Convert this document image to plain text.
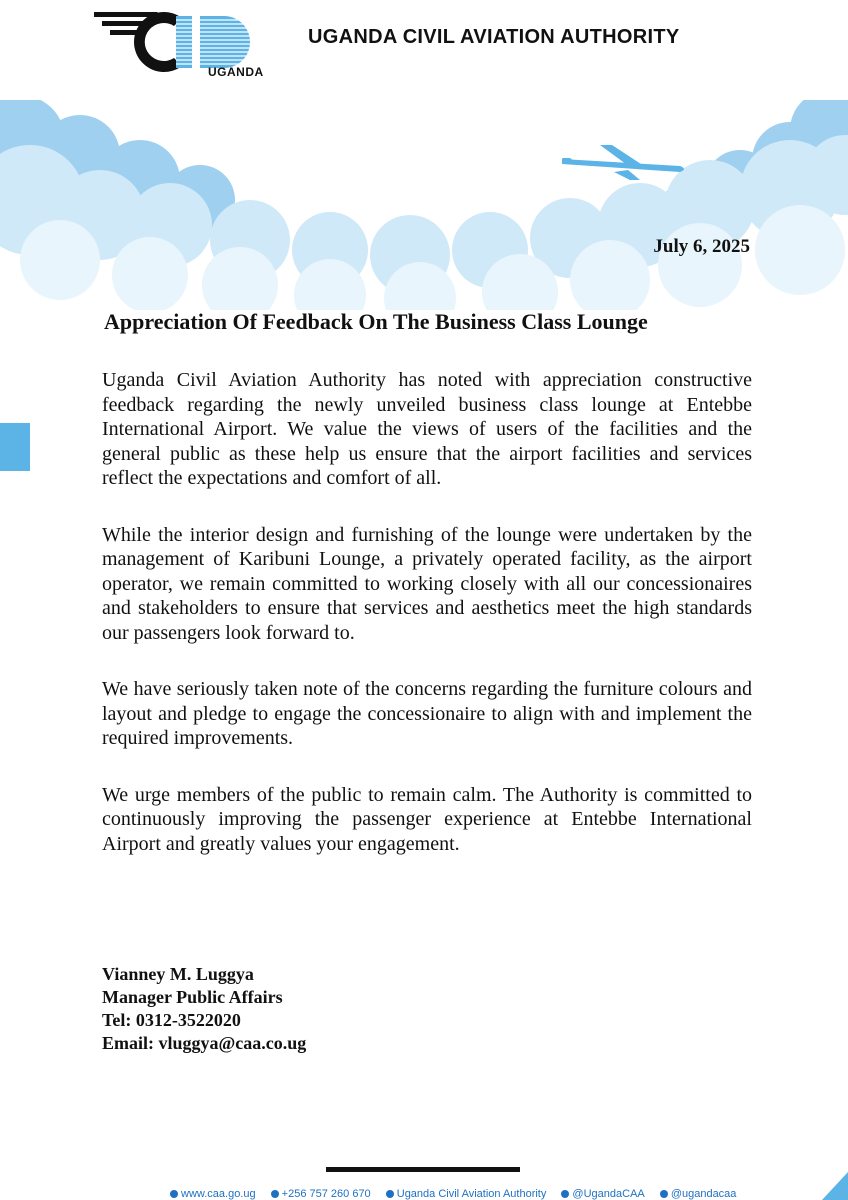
UGANDA
UGANDA CIVIL AVIATION AUTHORITY
July 6, 2025
Appreciation Of Feedback On The Business Class Lounge

Uganda Civil Aviation Authority has noted with appreciation constructive feedback regarding the newly unveiled business class lounge at Entebbe International Airport. We value the views of users of the facilities and the general public as these help us ensure that the airport facilities and services reflect the expectations and comfort of all.

While the interior design and furnishing of the lounge were undertaken by the management of Karibuni Lounge, a privately operated facility, as the airport operator, we remain committed to working closely with all our concessionaires and stakeholders to ensure that services and aesthetics meet the high standards our passengers look forward to.

We have seriously taken note of the concerns regarding the furniture colours and layout and pledge to engage the concessionaire to align with and implement the required improvements.

We urge members of the public to remain calm. The Authority is committed to continuously improving the passenger experience at Entebbe International Airport and greatly values your engagement.

Vianney M. Luggya
Manager Public Affairs
Tel: 0312-3522020
Email: vluggya@caa.co.ug
www.caa.go.ug +256 757 260 670 Uganda Civil Aviation Authority @UgandaCAA @ugandacaa
